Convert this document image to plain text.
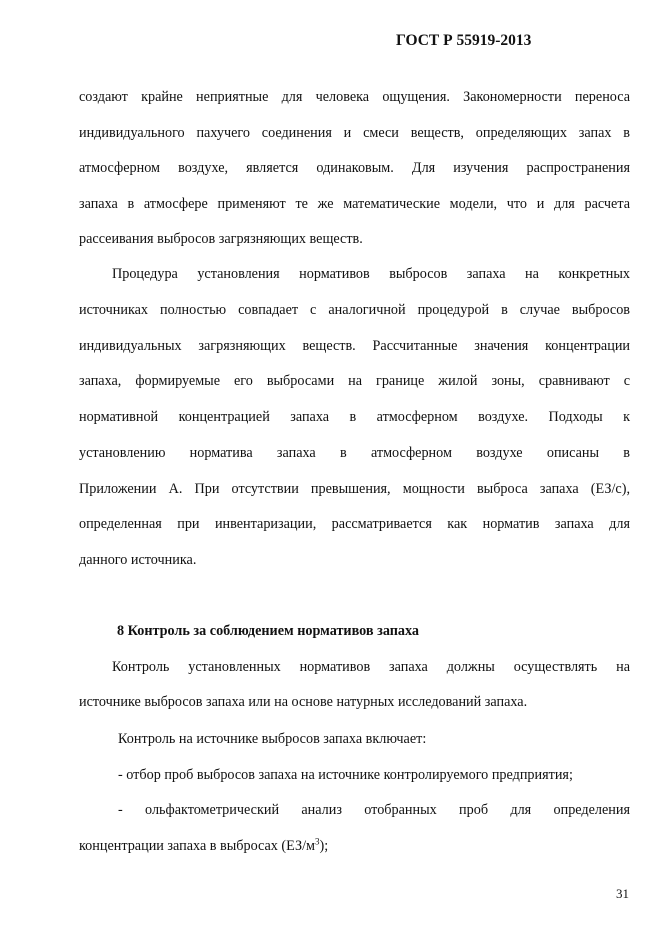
ГОСТ Р 55919-2013
создают крайне неприятные для человека ощущения. Закономерности переноса
индивидуального пахучего соединения и смеси веществ, определяющих запах в
атмосферном воздухе, является одинаковым. Для изучения распространения
запаха в атмосфере применяют те же математические модели, что и для расчета
рассеивания выбросов загрязняющих веществ.
Процедура установления нормативов выбросов запаха на конкретных
источниках полностью совпадает с аналогичной процедурой в случае выбросов
индивидуальных загрязняющих веществ. Рассчитанные значения концентрации
запаха, формируемые его выбросами на границе жилой зоны, сравнивают с
нормативной концентрацией запаха в атмосферном воздухе. Подходы к
установлению норматива запаха в атмосферном воздухе описаны в
Приложении А. При отсутствии превышения, мощности выброса запаха (ЕЗ/с),
определенная при инвентаризации, рассматривается как норматив запаха для
данного источника.
8 Контроль за соблюдением нормативов запаха
Контроль установленных нормативов запаха должны осуществлять на
источнике выбросов запаха или на основе натурных исследований запаха.
Контроль на источнике выбросов запаха включает:
- отбор проб выбросов запаха на источнике контролируемого предприятия;
- ольфактометрический анализ отобранных проб для определения
концентрации запаха в выбросах $(ЕЗ/м^3)$;
31
